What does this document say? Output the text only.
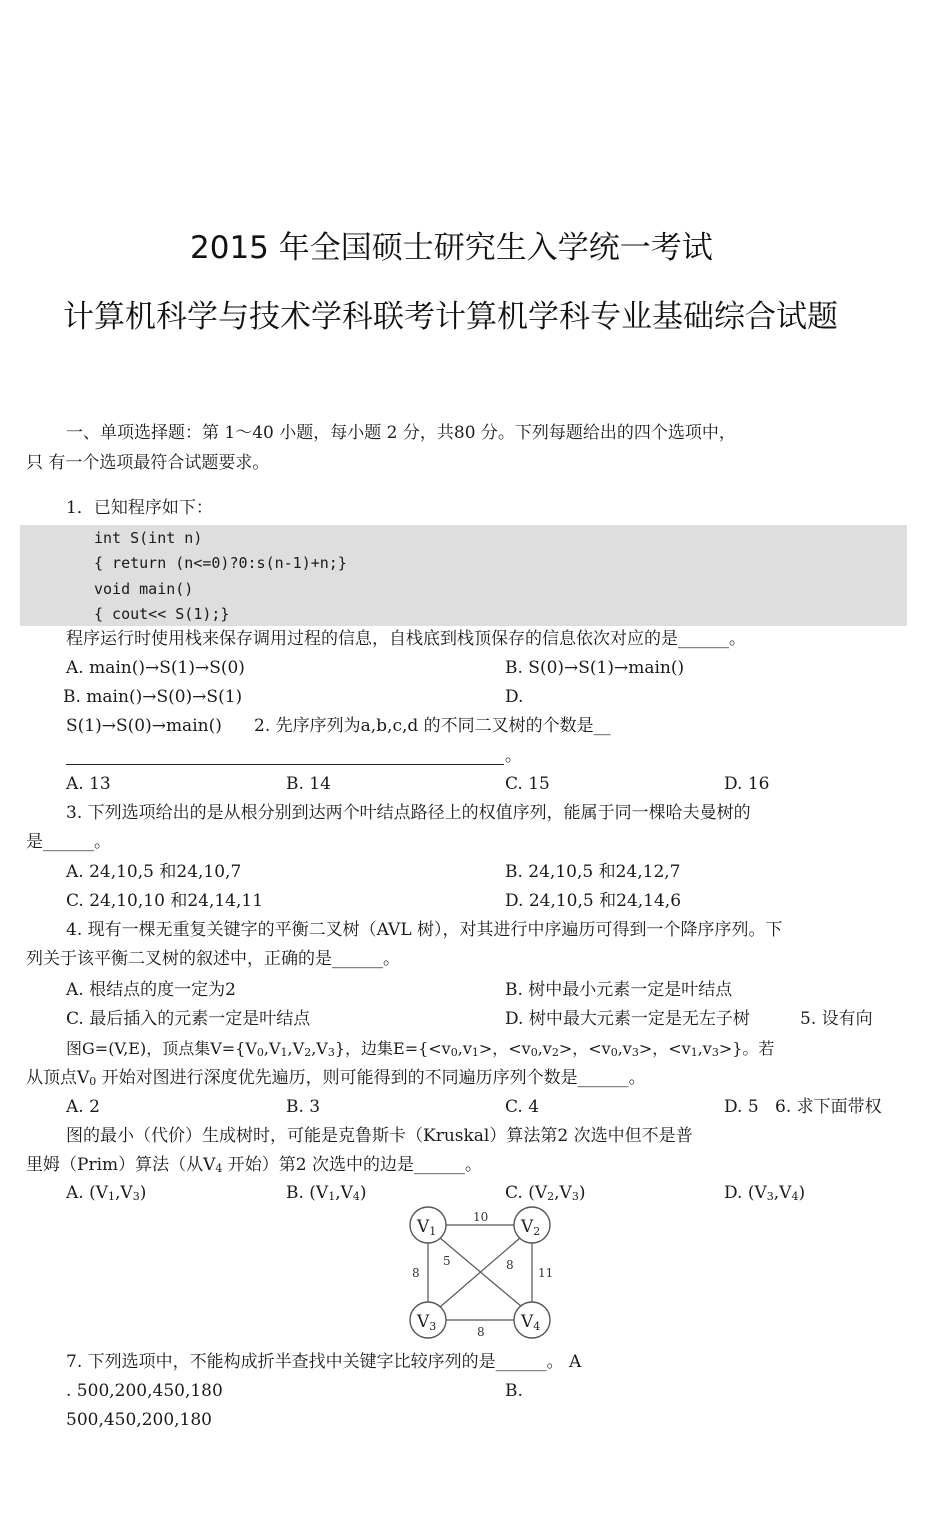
2015 年全国硕士研究生入学统一考试
计算机科学与技术学科联考计算机学科专业基础综合试题
一、单项选择题：第 1～40 小题，每小题 2 分，共80 分。下列每题给出的四个选项中，
只 有一个选项最符合试题要求。
1．已知程序如下：
int S(int n)
{ return (n<=0)?0:s(n-1)+n;}
void main()
{ cout<< S(1);}
程序运行时使用栈来保存调用过程的信息，自栈底到栈顶保存的信息依次对应的是______。
A. main()→S(1)→S(0)	B. S(0)→S(1)→main()
B. main()→S(0)→S(1)	D.
S(1)→S(0)→main() 2. 先序序列为a,b,c,d 的不同二叉树的个数是__
。
A. 13	B. 14	C. 15	D. 16
3. 下列选项给出的是从根分别到达两个叶结点路径上的权值序列，能属于同一棵哈夫曼树的
是______。
A. 24,10,5 和24,10,7	B. 24,10,5 和24,12,7
C. 24,10,10 和24,14,11	D. 24,10,5 和24,14,6
4. 现有一棵无重复关键字的平衡二叉树（AVL 树），对其进行中序遍历可得到一个降序序列。下
列关于该平衡二叉树的叙述中，正确的是______。
A. 根结点的度一定为2	B. 树中最小元素一定是叶结点
C. 最后插入的元素一定是叶结点	D. 树中最大元素一定是无左子树	5. 设有向
图G=(V,E)，顶点集$V=\{V_0,V_1,V_2,V_3\}$，边集$E=\{<v_0,v_1>$，$<v_0,v_2>$，$<v_0,v_3>$，$<v_1,v_3>$}。若
从顶点$V_0$ 开始对图进行深度优先遍历，则可能得到的不同遍历序列个数是______。
A. 2	B. 3	C. 4	D. 5 6. 求下面带权
图的最小（代价）生成树时，可能是克鲁斯卡（Kruskal）算法第2 次选中但不是普
里姆（Prim）算法（从$V_4$ 开始）第2 次选中的边是______。
A. $(V_1,V_3)$	B. $(V_1,V_4)$	C. $(V_2,V_3)$	D. $(V_3,V_4)$
V1	V2
V3	V4
10
8
5	8
11
8
7. 下列选项中，不能构成折半查找中关键字比较序列的是______。 A
. 500,200,450,180	B.
500,450,200,180
